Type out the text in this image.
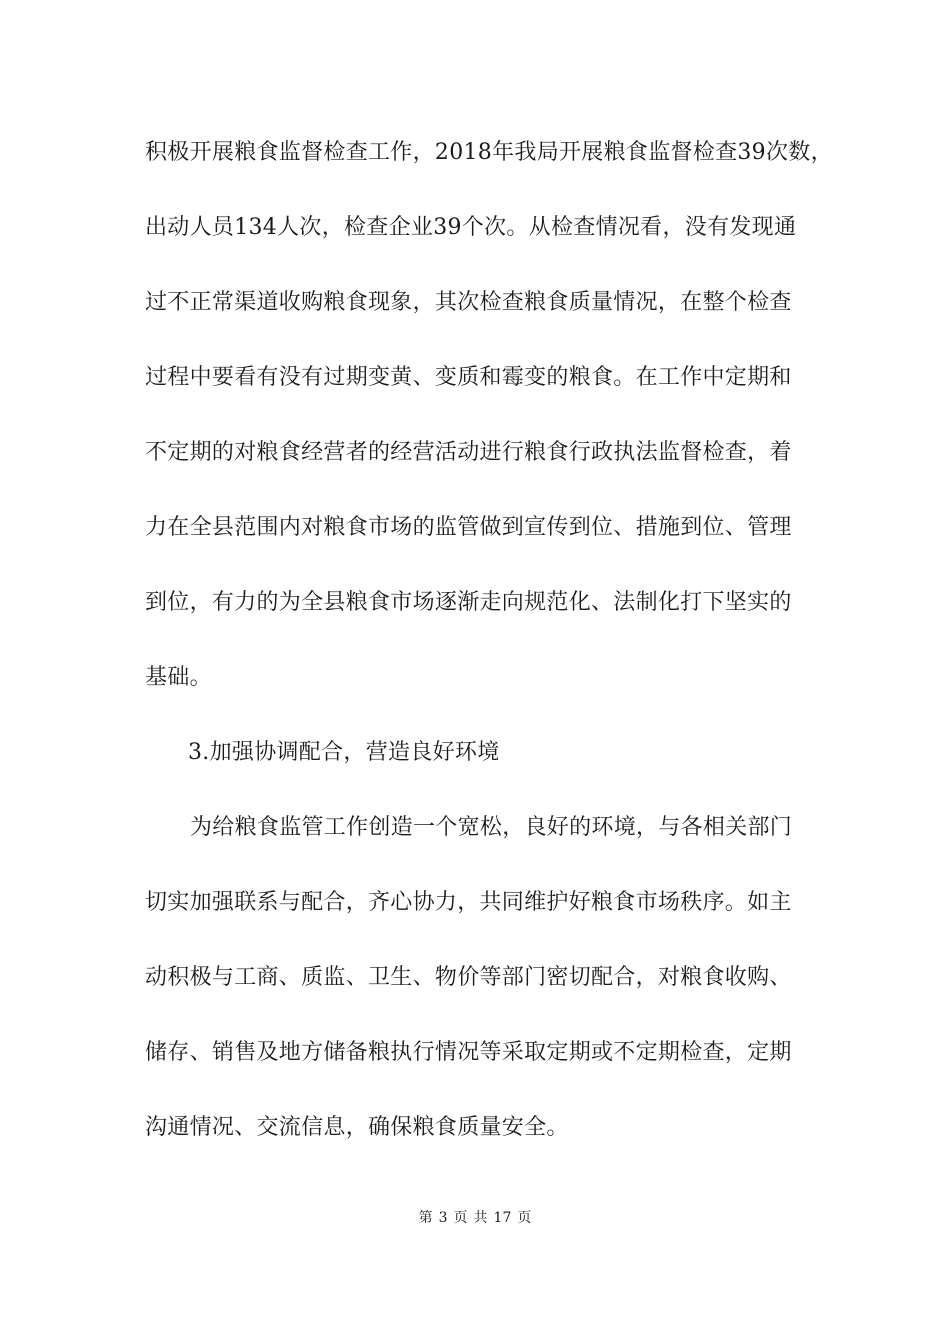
积极开展粮食监督检查工作，2018年我局开展粮食监督检查39次数，
出动人员134人次，检查企业39个次。从检查情况看，没有发现通
过不正常渠道收购粮食现象，其次检查粮食质量情况，在整个检查
过程中要看有没有过期变黄、变质和霉变的粮食。在工作中定期和
不定期的对粮食经营者的经营活动进行粮食行政执法监督检查，着
力在全县范围内对粮食市场的监管做到宣传到位、措施到位、管理
到位，有力的为全县粮食市场逐渐走向规范化、法制化打下坚实的
基础。
3.加强协调配合，营造良好环境
为给粮食监管工作创造一个宽松，良好的环境，与各相关部门
切实加强联系与配合，齐心协力，共同维护好粮食市场秩序。如主
动积极与工商、质监、卫生、物价等部门密切配合，对粮食收购、
储存、销售及地方储备粮执行情况等采取定期或不定期检查，定期
沟通情况、交流信息，确保粮食质量安全。
第 3 页 共 17 页
